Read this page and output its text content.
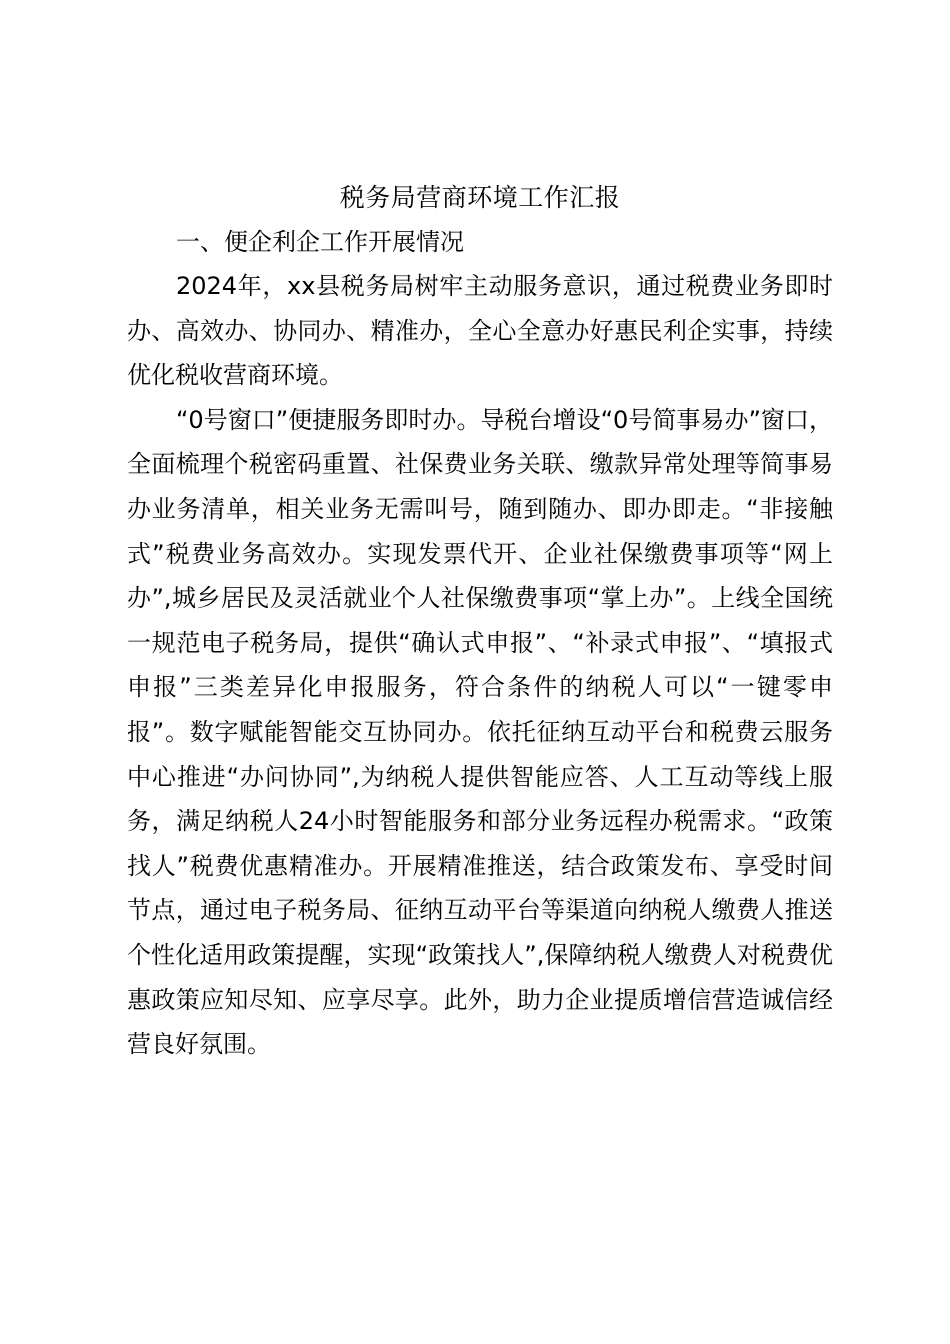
税务局营商环境工作汇报

一、便企利企工作开展情况

2024年，xx县税务局树牢主动服务意识，通过税费业务即时办、高效办、协同办、精准办，全心全意办好惠民利企实事，持续优化税收营商环境。

“0号窗口”便捷服务即时办。导税台增设“0号简事易办”窗口，全面梳理个税密码重置、社保费业务关联、缴款异常处理等简事易办业务清单，相关业务无需叫号，随到随办、即办即走。“非接触式”税费业务高效办。实现发票代开、企业社保缴费事项等“网上办”,城乡居民及灵活就业个人社保缴费事项“掌上办”。上线全国统一规范电子税务局，提供“确认式申报”、“补录式申报”、“填报式申报”三类差异化申报服务，符合条件的纳税人可以“一键零申报”。数字赋能智能交互协同办。依托征纳互动平台和税费云服务中心推进“办问协同”,为纳税人提供智能应答、人工互动等线上服务，满足纳税人24小时智能服务和部分业务远程办税需求。“政策找人”税费优惠精准办。开展精准推送，结合政策发布、享受时间节点，通过电子税务局、征纳互动平台等渠道向纳税人缴费人推送个性化适用政策提醒，实现“政策找人”,保障纳税人缴费人对税费优惠政策应知尽知、应享尽享。此外，助力企业提质增信营造诚信经营良好氛围。
